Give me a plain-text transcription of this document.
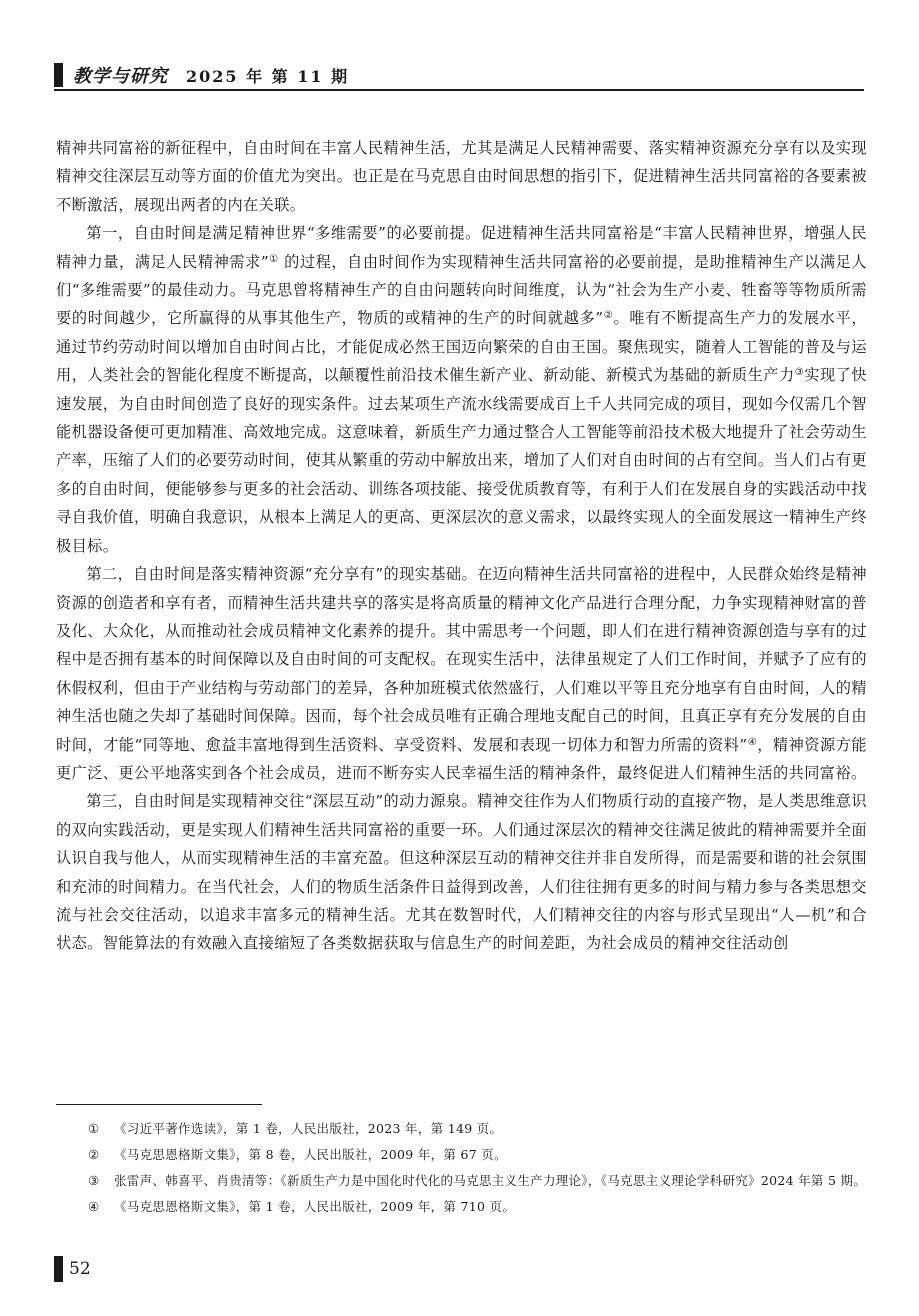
教学与研究 2025 年 第 11 期

精神共同富裕的新征程中，自由时间在丰富人民精神生活，尤其是满足人民精神需要、落实精神资源充分享有以及实现精神交往深层互动等方面的价值尤为突出。也正是在马克思自由时间思想的指引下，促进精神生活共同富裕的各要素被不断激活，展现出两者的内在关联。

第一，自由时间是满足精神世界“多维需要”的必要前提。促进精神生活共同富裕是“丰富人民精神世界，增强人民精神力量，满足人民精神需求”① 的过程，自由时间作为实现精神生活共同富裕的必要前提，是助推精神生产以满足人们“多维需要”的最佳动力。马克思曾将精神生产的自由问题转向时间维度，认为“社会为生产小麦、牲畜等等物质所需要的时间越少，它所赢得的从事其他生产，物质的或精神的生产的时间就越多”②。唯有不断提高生产力的发展水平，通过节约劳动时间以增加自由时间占比，才能促成必然王国迈向繁荣的自由王国。聚焦现实，随着人工智能的普及与运用，人类社会的智能化程度不断提高，以颠覆性前沿技术催生新产业、新动能、新模式为基础的新质生产力③实现了快速发展，为自由时间创造了良好的现实条件。过去某项生产流水线需要成百上千人共同完成的项目，现如今仅需几个智能机器设备便可更加精准、高效地完成。这意味着，新质生产力通过整合人工智能等前沿技术极大地提升了社会劳动生产率，压缩了人们的必要劳动时间，使其从繁重的劳动中解放出来，增加了人们对自由时间的占有空间。当人们占有更多的自由时间，便能够参与更多的社会活动、训练各项技能、接受优质教育等，有利于人们在发展自身的实践活动中找寻自我价值，明确自我意识，从根本上满足人的更高、更深层次的意义需求，以最终实现人的全面发展这一精神生产终极目标。

第二，自由时间是落实精神资源“充分享有”的现实基础。在迈向精神生活共同富裕的进程中，人民群众始终是精神资源的创造者和享有者，而精神生活共建共享的落实是将高质量的精神文化产品进行合理分配，力争实现精神财富的普及化、大众化，从而推动社会成员精神文化素养的提升。其中需思考一个问题，即人们在进行精神资源创造与享有的过程中是否拥有基本的时间保障以及自由时间的可支配权。在现实生活中，法律虽规定了人们工作时间，并赋予了应有的休假权利，但由于产业结构与劳动部门的差异，各种加班模式依然盛行，人们难以平等且充分地享有自由时间，人的精神生活也随之失却了基础时间保障。因而，每个社会成员唯有正确合理地支配自己的时间，且真正享有充分发展的自由时间，才能“同等地、愈益丰富地得到生活资料、享受资料、发展和表现一切体力和智力所需的资料”④，精神资源方能更广泛、更公平地落实到各个社会成员，进而不断夯实人民幸福生活的精神条件，最终促进人们精神生活的共同富裕。

第三，自由时间是实现精神交往“深层互动”的动力源泉。精神交往作为人们物质行动的直接产物，是人类思维意识的双向实践活动，更是实现人们精神生活共同富裕的重要一环。人们通过深层次的精神交往满足彼此的精神需要并全面认识自我与他人，从而实现精神生活的丰富充盈。但这种深层互动的精神交往并非自发所得，而是需要和谐的社会氛围和充沛的时间精力。在当代社会，人们的物质生活条件日益得到改善，人们往往拥有更多的时间与精力参与各类思想交流与社会交往活动，以追求丰富多元的精神生活。尤其在数智时代，人们精神交往的内容与形式呈现出“人—机”和合状态。智能算法的有效融入直接缩短了各类数据获取与信息生产的时间差距，为社会成员的精神交往活动创

① 《习近平著作选读》，第 1 卷，人民出版社，2023 年，第 149 页。

② 《马克思恩格斯文集》，第 8 卷，人民出版社，2009 年，第 67 页。

③ 张雷声、韩喜平、肖贵清等：《新质生产力是中国化时代化的马克思主义生产力理论》，《马克思主义理论学科研究》2024 年第 5 期。

④ 《马克思恩格斯文集》，第 1 卷，人民出版社，2009 年，第 710 页。

52
